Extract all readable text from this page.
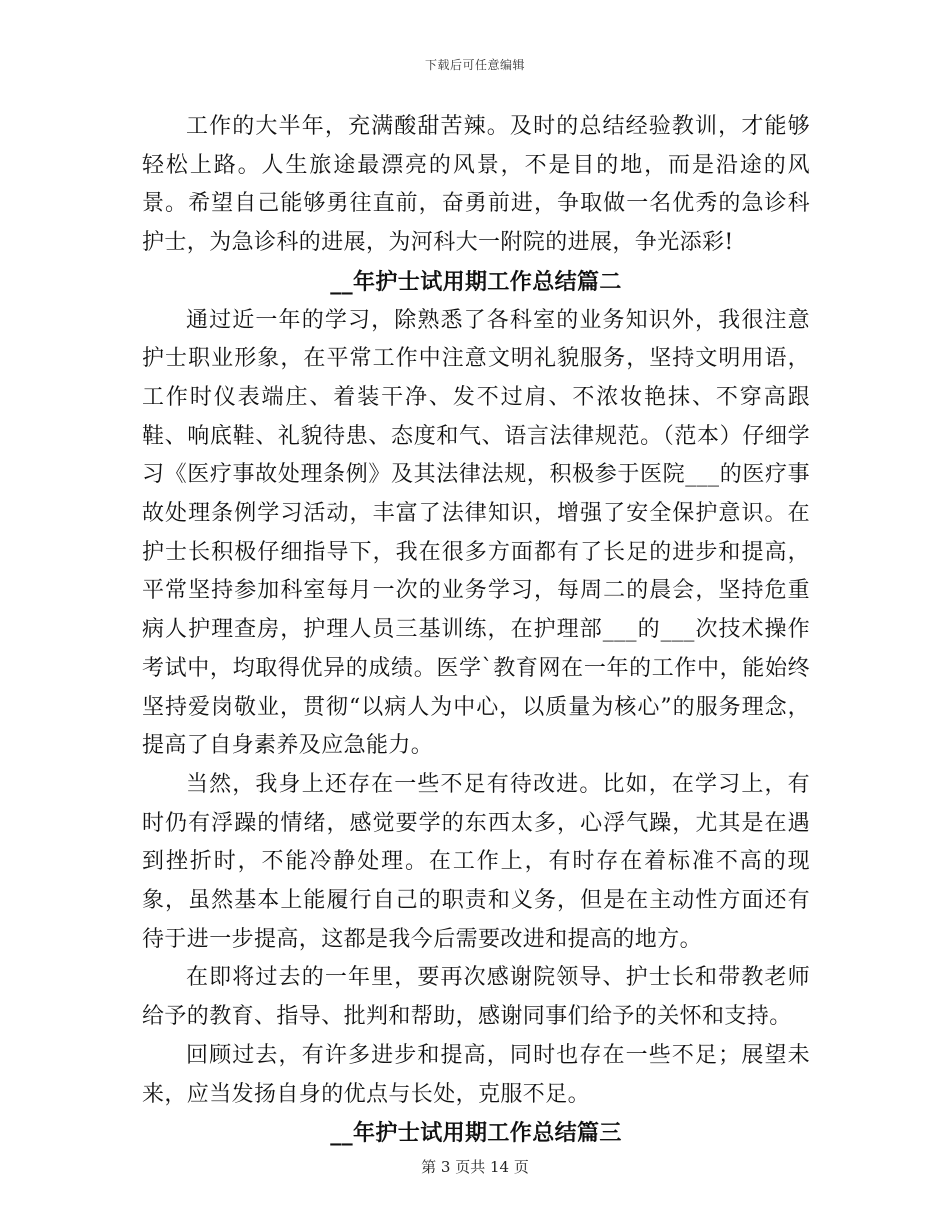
下载后可任意编辑

工作的大半年，充满酸甜苦辣。及时的总结经验教训，才能够轻松上路。人生旅途最漂亮的风景，不是目的地，而是沿途的风景。希望自己能够勇往直前，奋勇前进，争取做一名优秀的急诊科护士，为急诊科的进展，为河科大一附院的进展，争光添彩!

__年护士试用期工作总结篇二

通过近一年的学习，除熟悉了各科室的业务知识外，我很注意护士职业形象，在平常工作中注意文明礼貌服务，坚持文明用语，工作时仪表端庄、着装干净、发不过肩、不浓妆艳抹、不穿高跟鞋、响底鞋、礼貌待患、态度和气、语言法律规范。（范本）仔细学习《医疗事故处理条例》及其法律法规，积极参于医院___的医疗事故处理条例学习活动，丰富了法律知识，增强了安全保护意识。在护士长积极仔细指导下，我在很多方面都有了长足的进步和提高，平常坚持参加科室每月一次的业务学习，每周二的晨会，坚持危重病人护理查房，护理人员三基训练，在护理部___的___次技术操作考试中，均取得优异的成绩。医学`教育网在一年的工作中，能始终坚持爱岗敬业，贯彻“以病人为中心，以质量为核心”的服务理念，提高了自身素养及应急能力。

当然，我身上还存在一些不足有待改进。比如，在学习上，有时仍有浮躁的情绪，感觉要学的东西太多，心浮气躁，尤其是在遇到挫折时，不能冷静处理。在工作上，有时存在着标准不高的现象，虽然基本上能履行自己的职责和义务，但是在主动性方面还有待于进一步提高，这都是我今后需要改进和提高的地方。

在即将过去的一年里，要再次感谢院领导、护士长和带教老师给予的教育、指导、批判和帮助，感谢同事们给予的关怀和支持。

回顾过去，有许多进步和提高，同时也存在一些不足；展望未来，应当发扬自身的优点与长处，克服不足。

__年护士试用期工作总结篇三

第 3 页共 14 页
